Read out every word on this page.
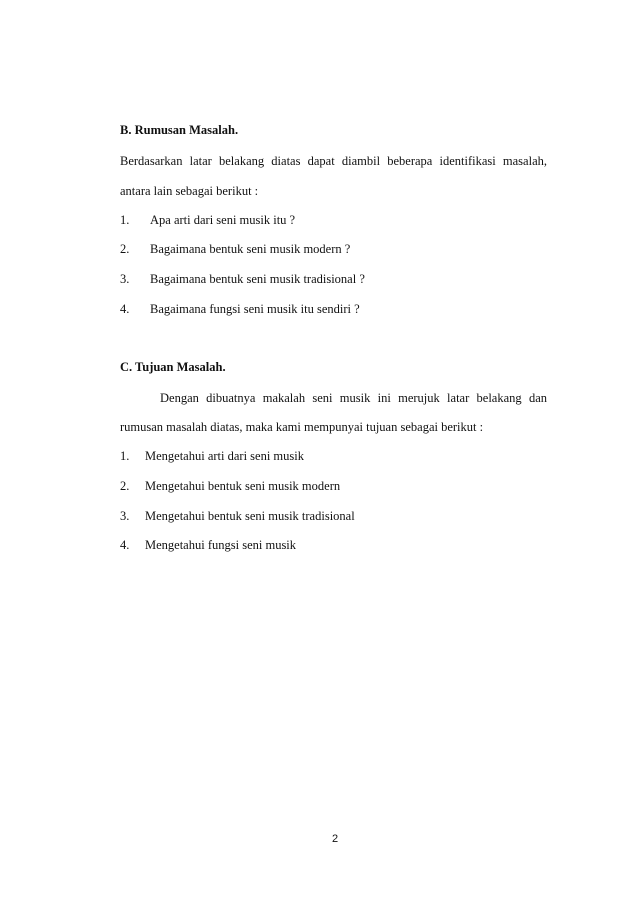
B. Rumusan Masalah.
Berdasarkan latar belakang diatas dapat diambil beberapa identifikasi masalah,
antara lain sebagai berikut :
1. Apa arti dari seni musik itu ?
2. Bagaimana bentuk seni musik modern ?
3. Bagaimana bentuk seni musik tradisional ?
4. Bagaimana fungsi seni musik itu sendiri ?
C. Tujuan Masalah.
Dengan dibuatnya makalah seni musik ini merujuk latar belakang dan
rumusan masalah diatas, maka kami mempunyai tujuan sebagai berikut :
1. Mengetahui arti dari seni musik
2. Mengetahui bentuk seni musik modern
3. Mengetahui bentuk seni musik tradisional
4. Mengetahui fungsi seni musik
2
